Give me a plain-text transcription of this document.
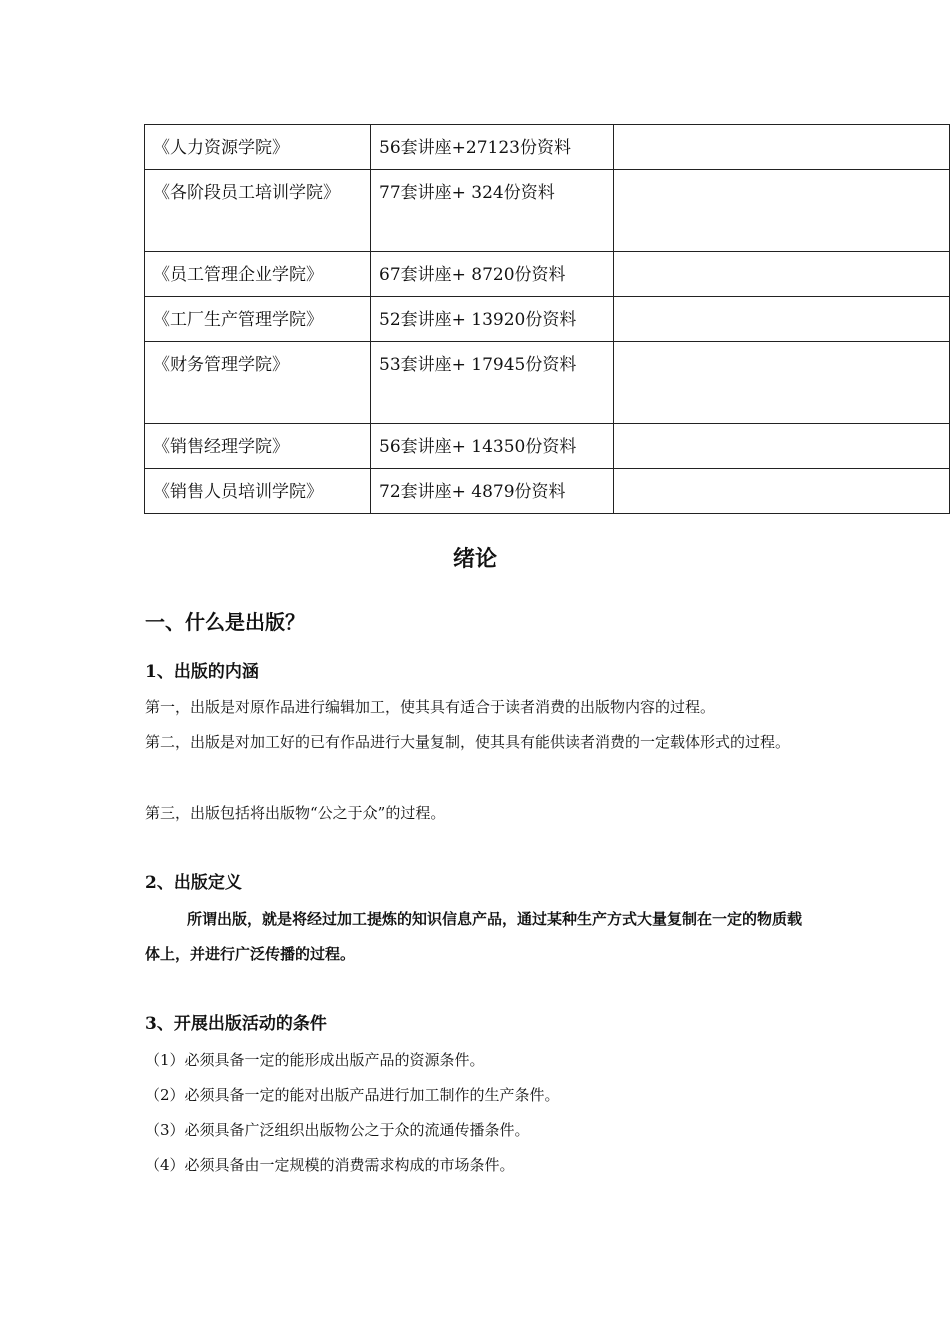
《人力资源学院》	56套讲座+27123份资料	
《各阶段员工培训学院》	77套讲座+ 324份资料	
《员工管理企业学院》	67套讲座+ 8720份资料	
《工厂生产管理学院》	52套讲座+ 13920份资料	
《财务管理学院》	53套讲座+ 17945份资料	
《销售经理学院》	56套讲座+ 14350份资料	
《销售人员培训学院》	72套讲座+ 4879份资料	
绪论
一、什么是出版？
1、出版的内涵
第一，出版是对原作品进行编辑加工，使其具有适合于读者消费的出版物内容的过程。
第二，出版是对加工好的已有作品进行大量复制，使其具有能供读者消费的一定载体形式的过程。
第三，出版包括将出版物“公之于众”的过程。
2、出版定义
所谓出版，就是将经过加工提炼的知识信息产品，通过某种生产方式大量复制在一定的物质载体上，并进行广泛传播的过程。
3、开展出版活动的条件
（1）必须具备一定的能形成出版产品的资源条件。
（2）必须具备一定的能对出版产品进行加工制作的生产条件。
（3）必须具备广泛组织出版物公之于众的流通传播条件。
（4）必须具备由一定规模的消费需求构成的市场条件。
